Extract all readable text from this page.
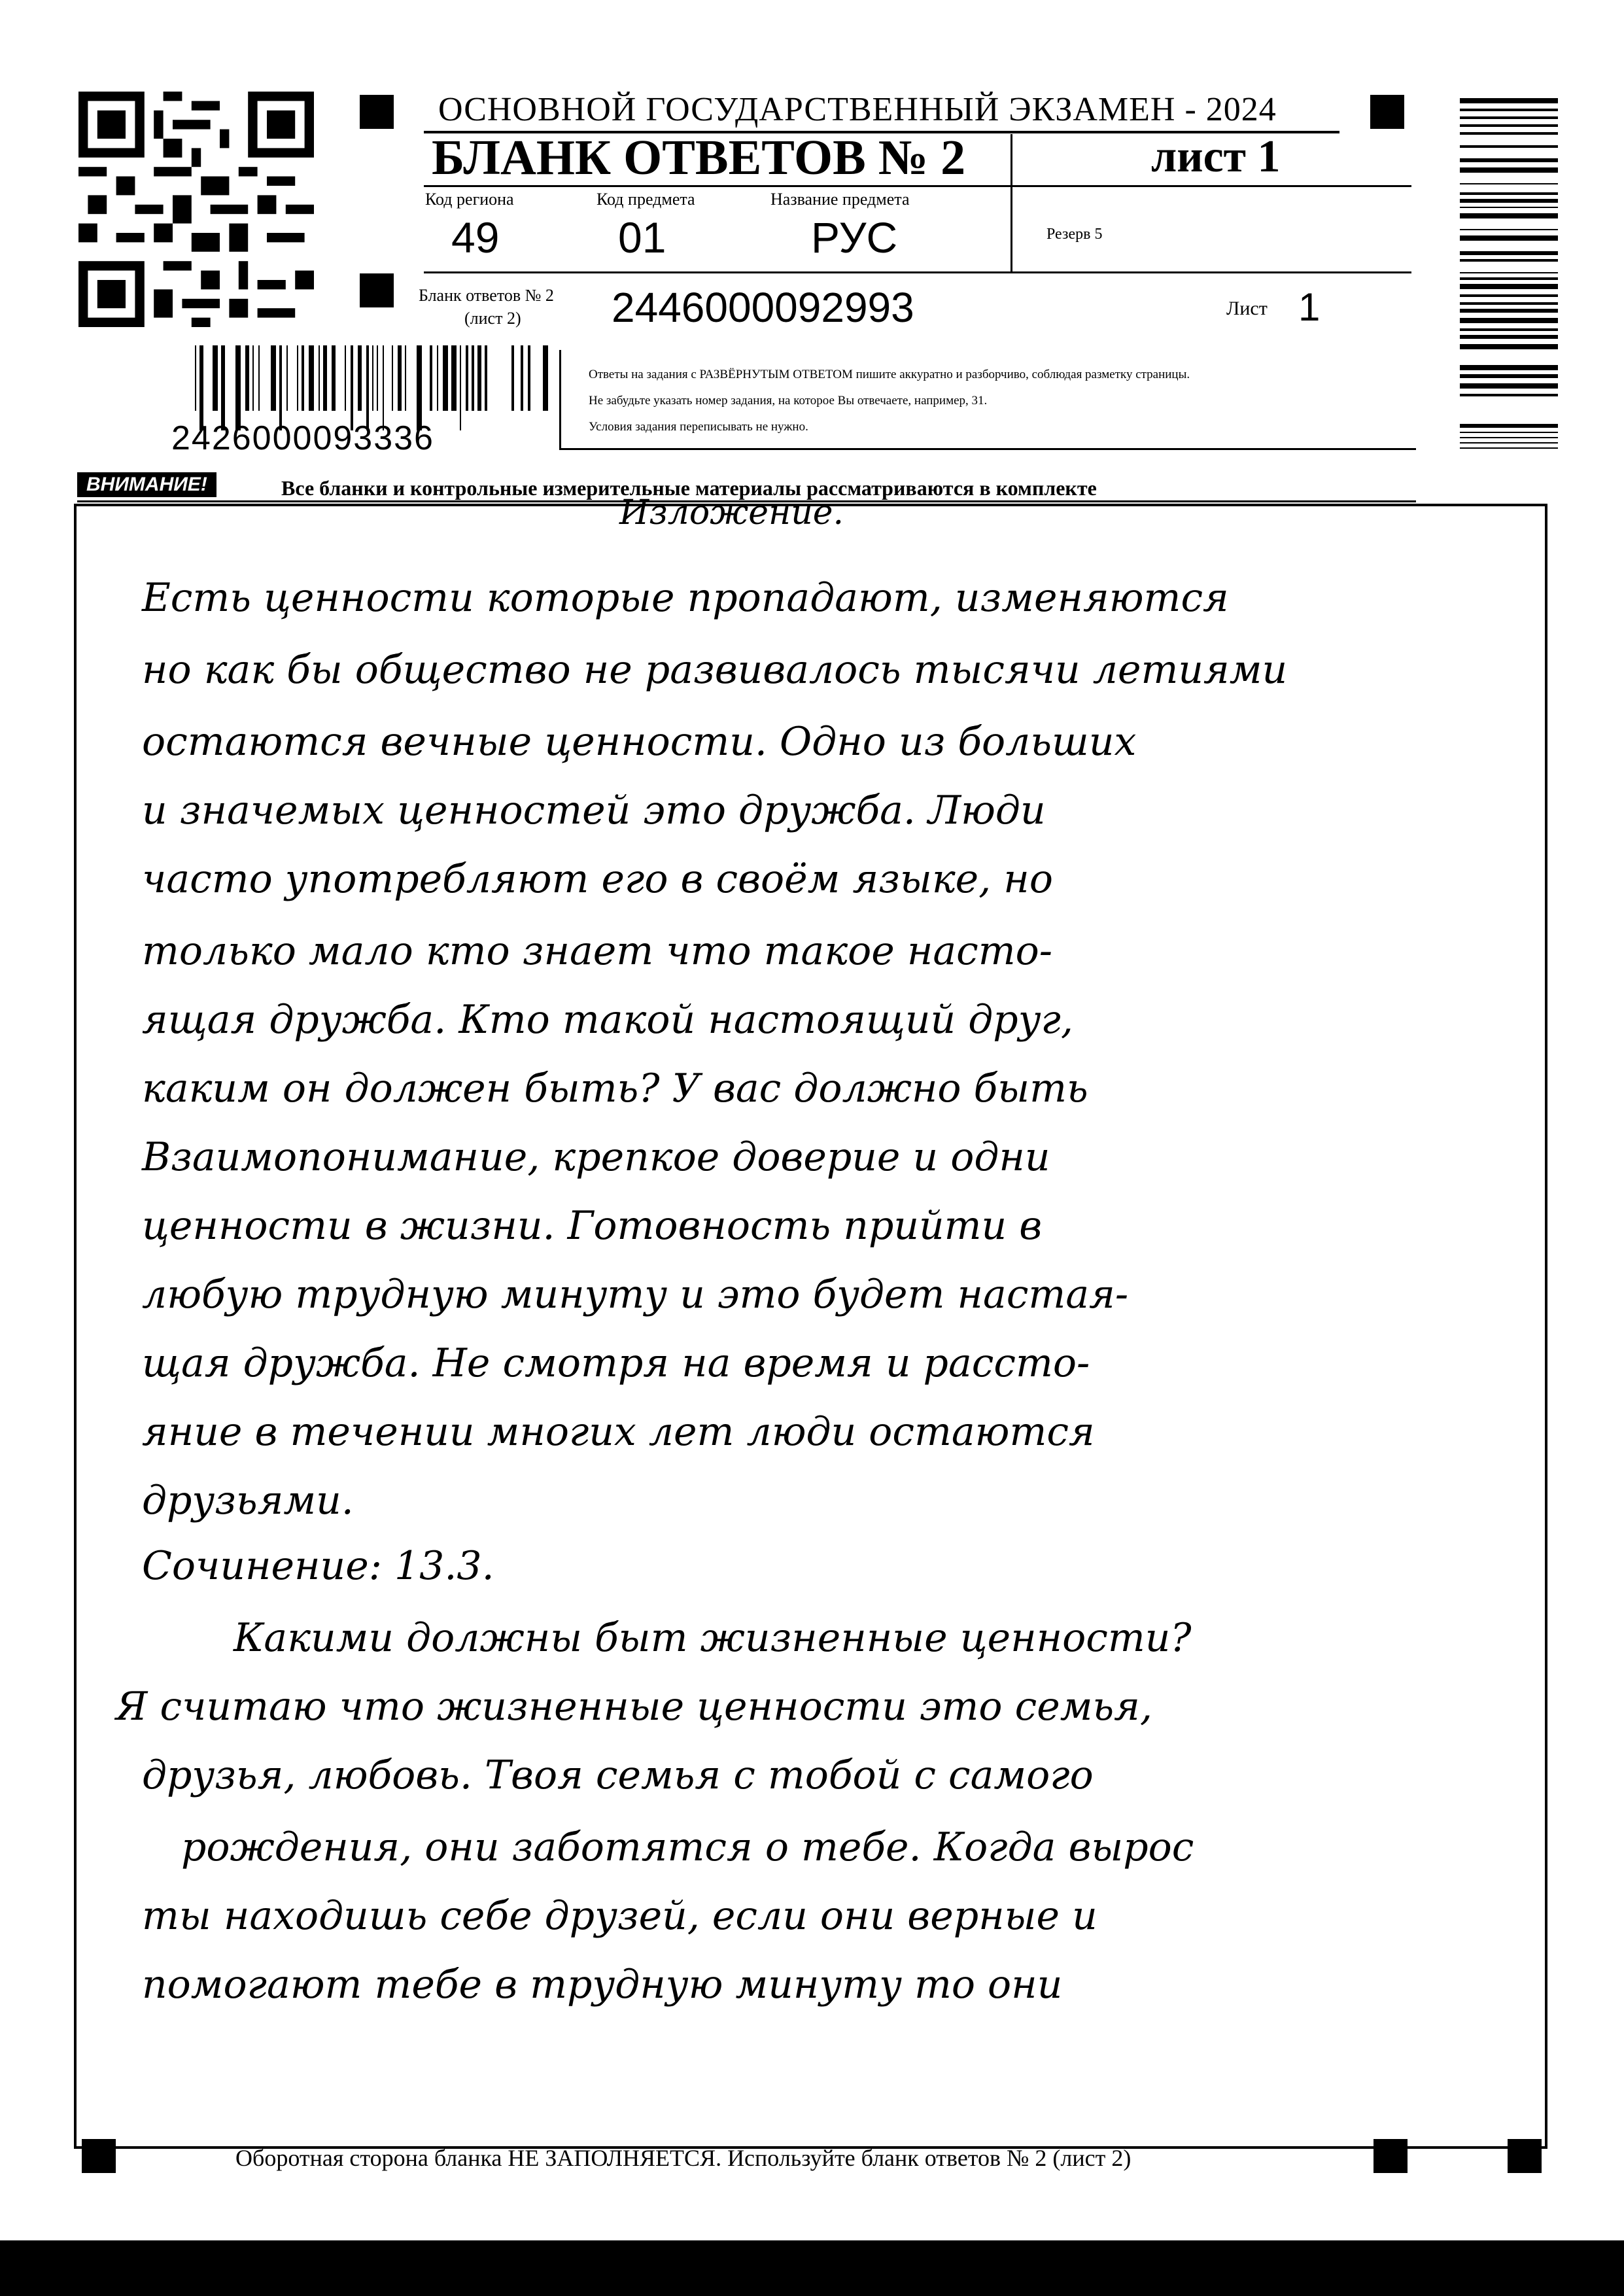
ОСНОВНОЙ ГОСУДАРСТВЕННЫЙ ЭКЗАМЕН - 2024
БЛАНК ОТВЕТОВ № 2	лист 1
Код региона
49
Код предмета
01
Название предмета
РУС	Резерв 5
Бланк ответов № 2
(лист 2) 2446000092993	Лист 1
2426000093336
Ответы на задания с РАЗВЁРНУТЫМ ОТВЕТОМ пишите аккуратно и разборчиво, соблюдая разметку страницы.
Не забудьте указать номер задания, на которое Вы отвечаете, например, 31.
Условия задания переписывать не нужно.
ВНИМАНИЕ!	Все бланки и контрольные измерительные материалы рассматриваются в комплекте
Изложение.
Есть ценности которые пропадают, изменяются
но как бы общество не развивалось тысячи летиями
остаются вечные ценности. Одно из больших
и значемых ценностей это дружба. Люди
часто употребляют его в своём языке, но
только мало кто знает что такое насто-
ящая дружба. Кто такой настоящий друг,
каким он должен быть? У вас должно быть
Взаимопонимание, крепкое доверие и одни
ценности в жизни. Готовность прийти в
любую трудную минуту и это будет настая-
щая дружба. Не смотря на время и рассто-
яние в течении многих лет люди остаются
друзьями.
Сочинение: 13.3.
Какими должны быт жизненные ценности?
Я считаю что жизненные ценности это семья,
друзья, любовь. Твоя семья с тобой с самого
рождения, они заботятся о тебе. Когда вырос
ты находишь себе друзей, если они верные и
помогают тебе в трудную минуту то они
Оборотная сторона бланка НЕ ЗАПОЛНЯЕТСЯ. Используйте бланк ответов № 2 (лист 2)
